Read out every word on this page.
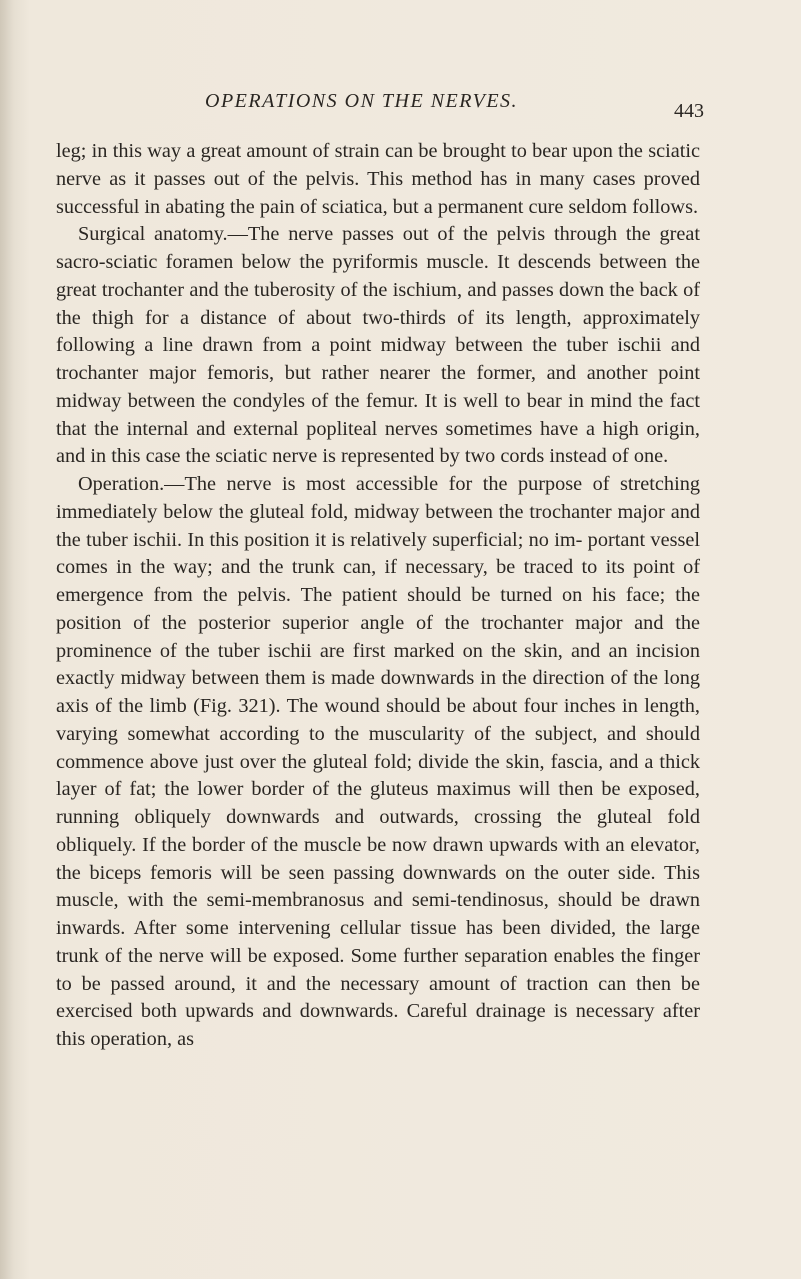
OPERATIONS ON THE NERVES.	443

leg; in this way a great amount of strain can be brought to bear upon the sciatic nerve as it passes out of the pelvis. This method has in many cases proved successful in abating the pain of sciatica, but a permanent cure seldom follows.

Surgical anatomy.—The nerve passes out of the pelvis through the great sacro-sciatic foramen below the pyriformis muscle. It descends between the great trochanter and the tuberosity of the ischium, and passes down the back of the thigh for a distance of about two-thirds of its length, approximately following a line drawn from a point midway between the tuber ischii and trochanter major femoris, but rather nearer the former, and another point midway between the condyles of the femur. It is well to bear in mind the fact that the internal and external popliteal nerves sometimes have a high origin, and in this case the sciatic nerve is represented by two cords instead of one.

Operation.—The nerve is most accessible for the purpose of stretching immediately below the gluteal fold, midway between the trochanter major and the tuber ischii. In this position it is relatively superficial; no im- portant vessel comes in the way; and the trunk can, if necessary, be traced to its point of emergence from the pelvis. The patient should be turned on his face; the position of the posterior superior angle of the trochanter major and the prominence of the tuber ischii are first marked on the skin, and an incision exactly midway between them is made downwards in the direction of the long axis of the limb (Fig. 321). The wound should be about four inches in length, varying somewhat according to the muscularity of the subject, and should commence above just over the gluteal fold; divide the skin, fascia, and a thick layer of fat; the lower border of the gluteus maximus will then be exposed, running obliquely downwards and outwards, crossing the gluteal fold obliquely. If the border of the muscle be now drawn upwards with an elevator, the biceps femoris will be seen passing downwards on the outer side. This muscle, with the semi-membranosus and semi-tendinosus, should be drawn inwards. After some intervening cellular tissue has been divided, the large trunk of the nerve will be exposed. Some further separation enables the finger to be passed around, it and the necessary amount of traction can then be exercised both upwards and downwards. Careful drainage is necessary after this operation, as
